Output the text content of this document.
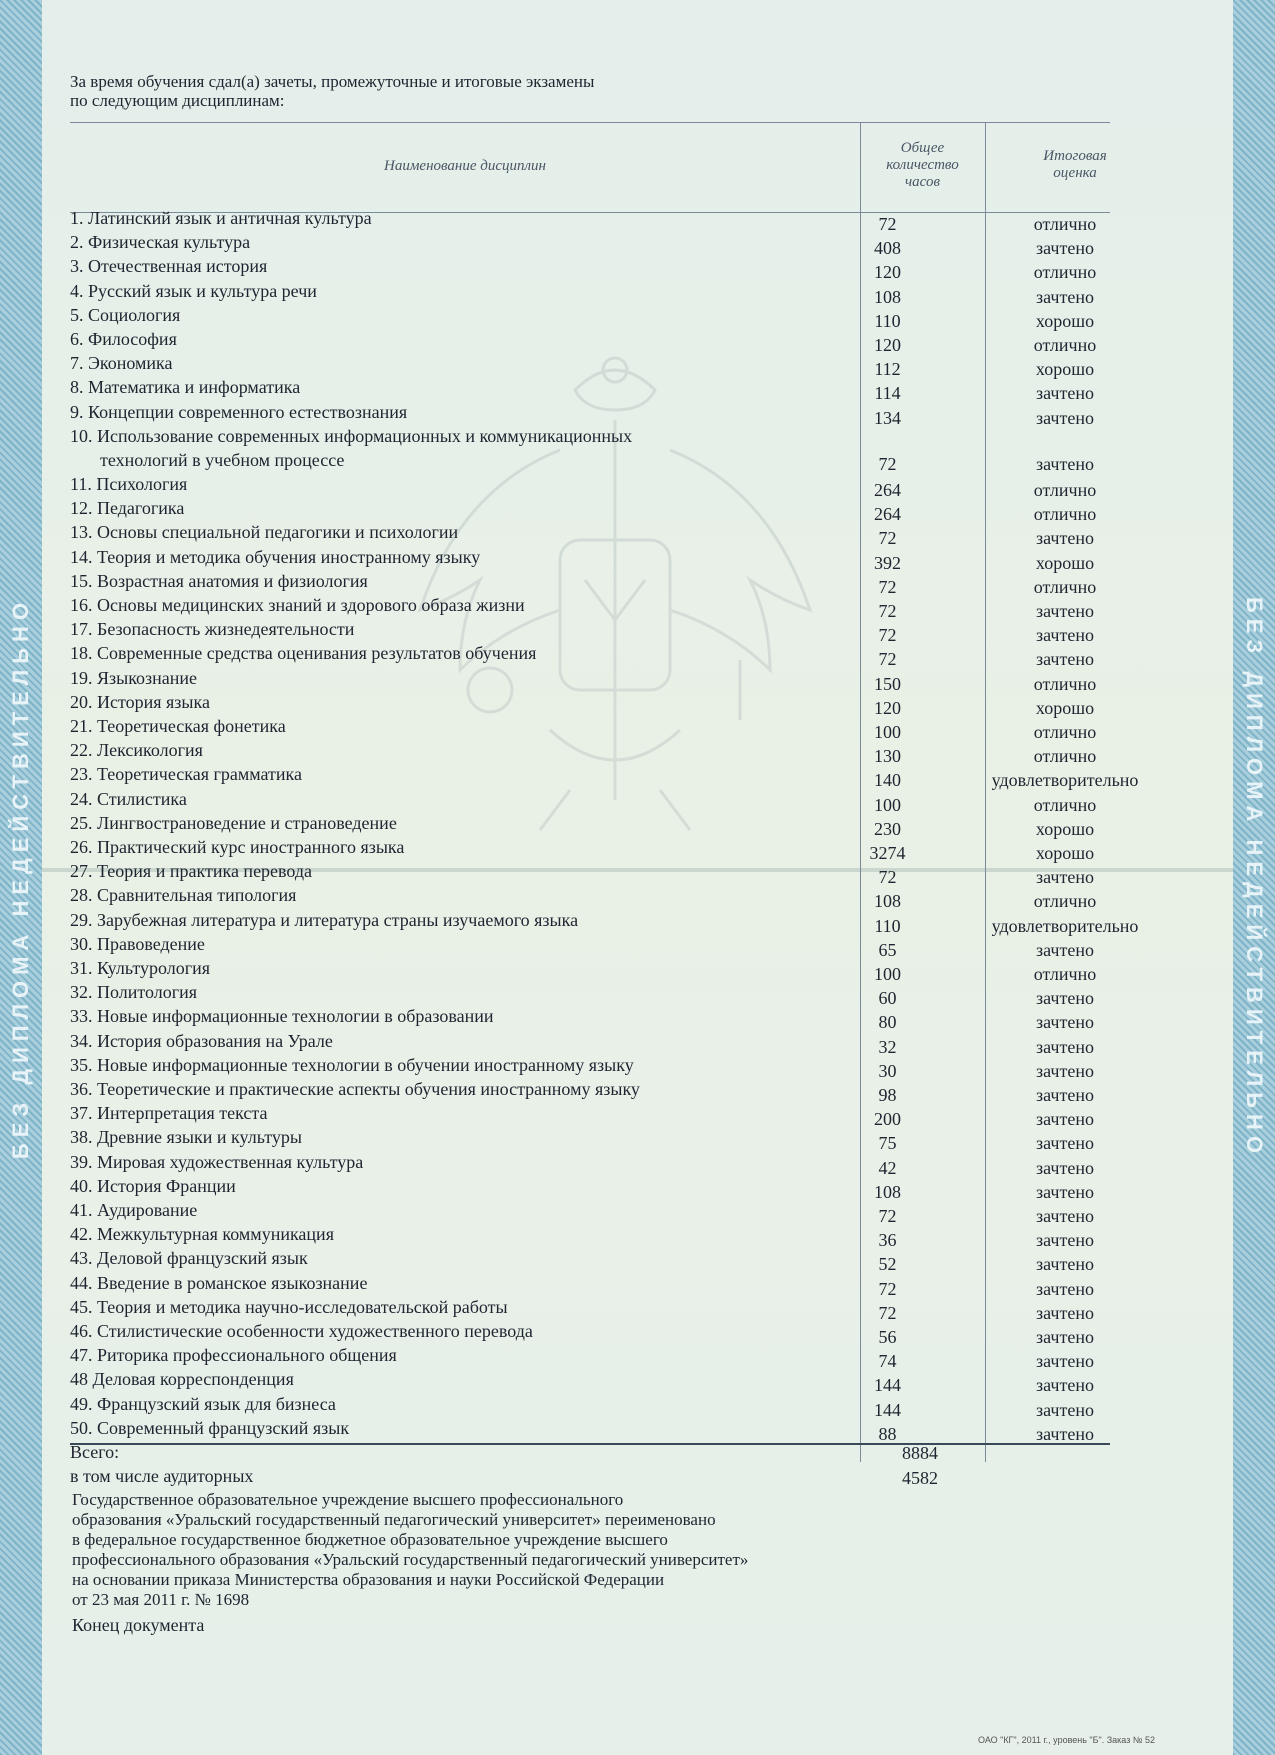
БЕЗ ДИПЛОМА НЕДЕЙСТВИТЕЛЬНО	БЕЗ ДИПЛОМА НЕДЕЙСТВИТЕЛЬНО
За время обучения сдал(а) зачеты, промежуточные и итоговые экзамены
по следующим дисциплинам:
Наименование дисциплин
Общее
количество
часов
Итоговая
оценка
1. Латинский язык и античная культура	72	отлично
2. Физическая культура	408	зачтено
3. Отечественная история	120	отлично
4. Русский язык и культура речи	108	зачтено
5. Социология	110	хорошо
6. Философия	120	отлично
7. Экономика	112	хорошо
8. Математика и информатика	114	зачтено
9. Концепции современного естествознания	134	зачтено
10. Использование современных информационных и коммуникационных
технологий в учебном процессе	72	зачтено
11. Психология	264	отлично
12. Педагогика	264	отлично
13. Основы специальной педагогики и психологии	72	зачтено
14. Теория и методика обучения иностранному языку	392	хорошо
15. Возрастная анатомия и физиология	72	отлично
16. Основы медицинских знаний и здорового образа жизни	72	зачтено
17. Безопасность жизнедеятельности	72	зачтено
18. Современные средства оценивания результатов обучения	72	зачтено
19. Языкознание	150	отлично
20. История языка	120	хорошо
21. Теоретическая фонетика	100	отлично
22. Лексикология	130	отлично
23. Теоретическая грамматика	140	удовлетворительно
24. Стилистика	100	отлично
25. Лингвострановедение и страноведение	230	хорошо
26. Практический курс иностранного языка	3274	хорошо
27. Теория и практика перевода	72	зачтено
28. Сравнительная типология	108	отлично
29. Зарубежная литература и литература страны изучаемого языка	110	удовлетворительно
30. Правоведение	65	зачтено
31. Культурология	100	отлично
32. Политология	60	зачтено
33. Новые информационные технологии в образовании	80	зачтено
34. История образования на Урале	32	зачтено
35. Новые информационные технологии в обучении иностранному языку	30	зачтено
36. Теоретические и практические аспекты обучения иностранному языку	98	зачтено
37. Интерпретация текста	200	зачтено
38. Древние языки и культуры	75	зачтено
39. Мировая художественная культура	42	зачтено
40. История Франции	108	зачтено
41. Аудирование	72	зачтено
42. Межкультурная коммуникация	36	зачтено
43. Деловой французский язык	52	зачтено
44. Введение в романское языкознание	72	зачтено
45. Теория и методика научно-исследовательской работы	72	зачтено
46. Стилистические особенности художественного перевода	56	зачтено
47. Риторика профессионального общения	74	зачтено
48 Деловая корреспонденция	144	зачтено
49. Французский язык для бизнеса	144	зачтено
50. Современный французский язык	88	зачтено
Всего:	8884
в том числе аудиторных	4582
Государственное образовательное учреждение высшего профессионального
образования «Уральский государственный педагогический университет» переименовано
в федеральное государственное бюджетное образовательное учреждение высшего
профессионального образования «Уральский государственный педагогический университет»
на основании приказа Министерства образования и науки Российской Федерации
от 23 мая 2011 г. № 1698
Конец документа
ОАО "КГ", 2011 г., уровень "Б". Заказ № 52
